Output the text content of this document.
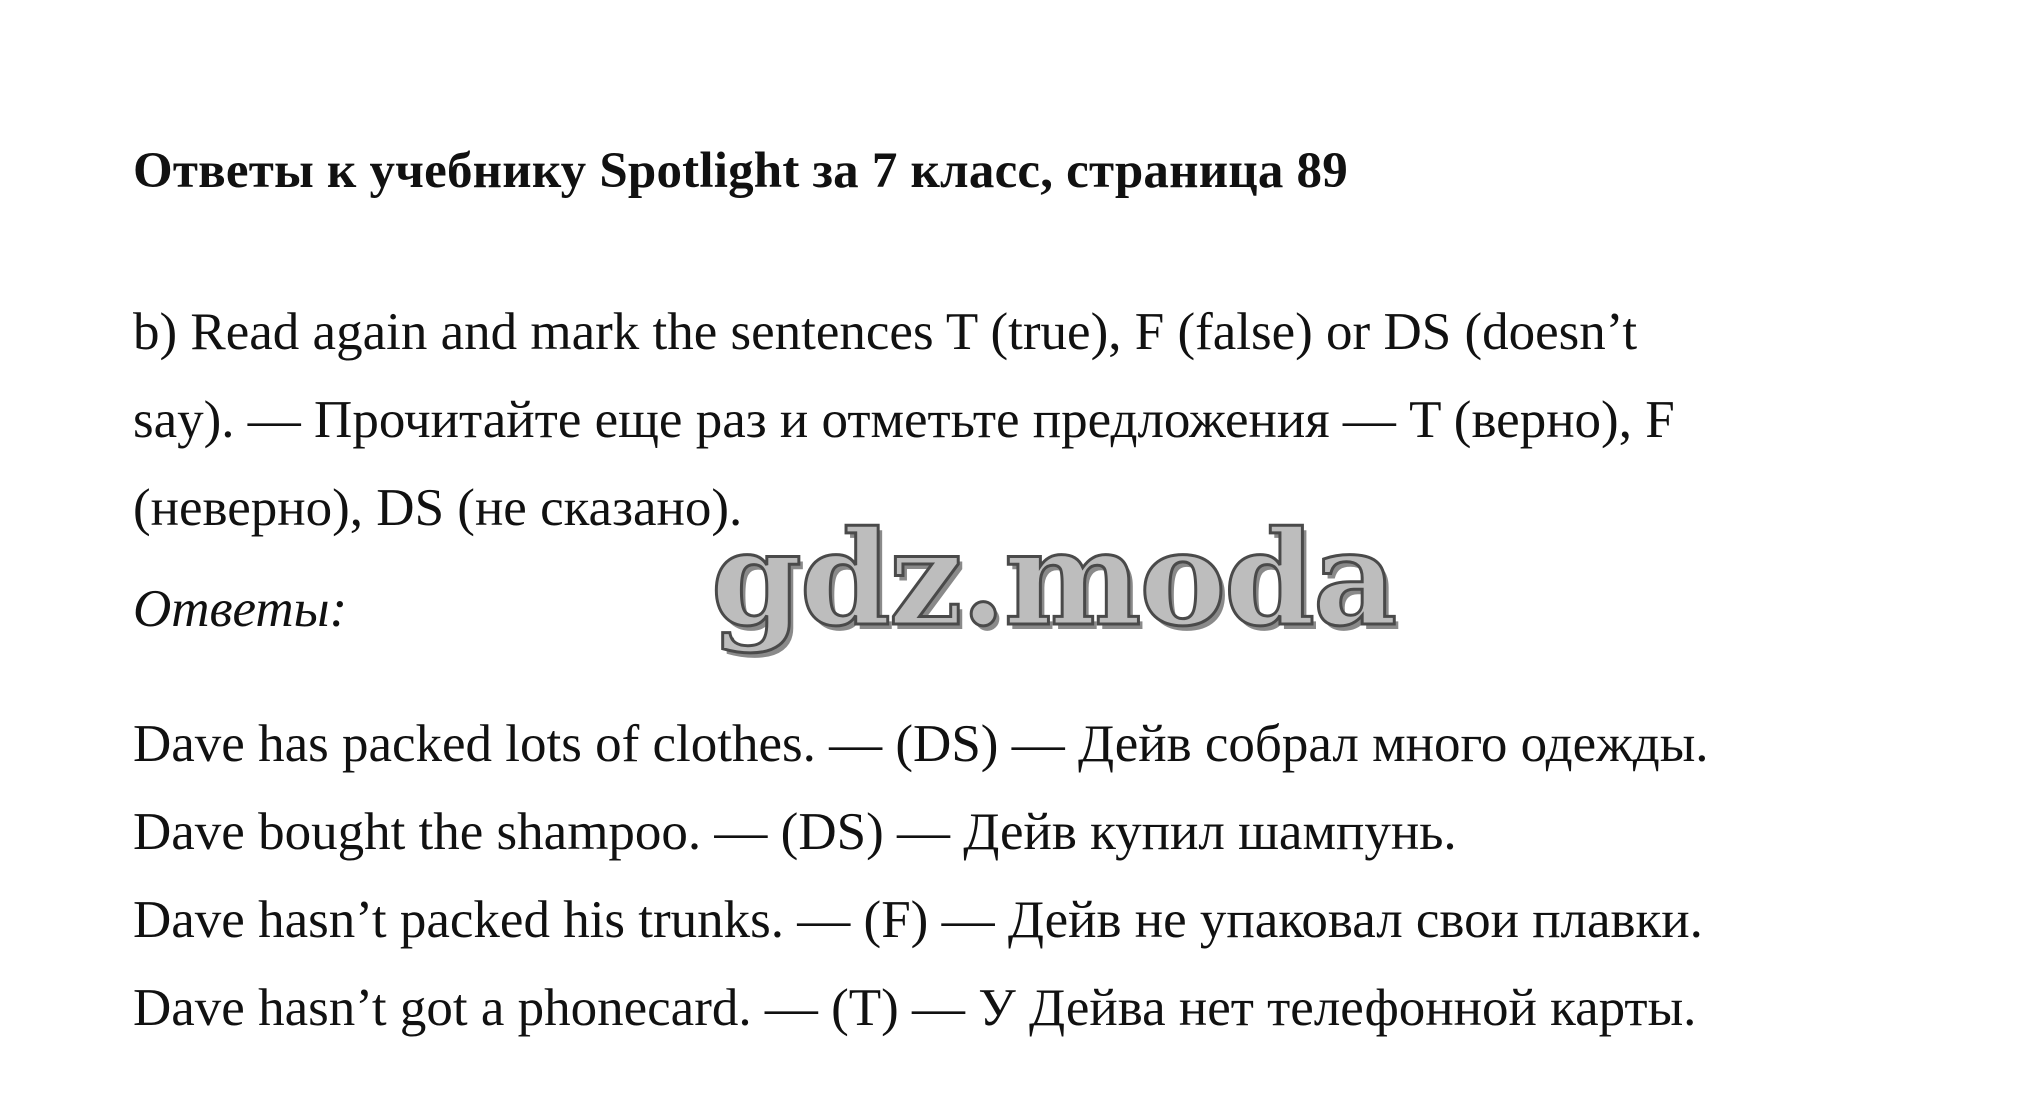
Ответы к учебнику Spotlight за 7 класс, страница 89
b) Read again and mark the sentences T (true), F (false) or DS (doesn’t
say). — Прочитайте еще раз и отметьте предложения — T (верно), F
(неверно), DS (не сказано).
Ответы:	gdz.moda
Dave has packed lots of clothes. — (DS) — Дейв собрал много одежды.
Dave bought the shampoo. — (DS) — Дейв купил шампунь.
Dave hasn’t packed his trunks. — (F) — Дейв не упаковал свои плавки.
Dave hasn’t got a phonecard. — (T) — У Дейва нет телефонной карты.
